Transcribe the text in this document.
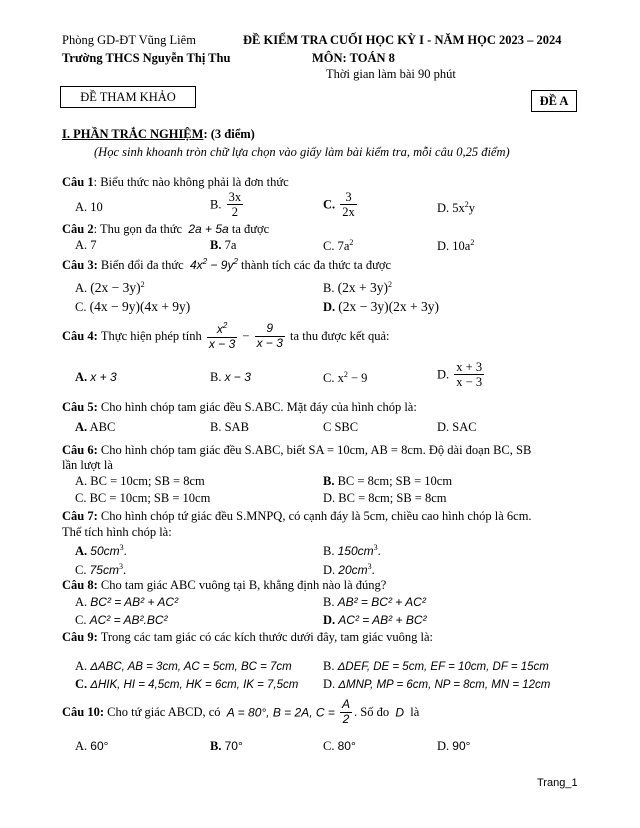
Phòng GD-ĐT Vũng Liêm
Trường THCS Nguyễn Thị Thu
ĐỀ KIỂM TRA CUỐI HỌC KỲ I - NĂM HỌC 2023 – 2024
MÔN: TOÁN 8
Thời gian làm bài 90 phút
ĐỀ THAM KHẢO	ĐỀ A
I. PHẦN TRẮC NGHIỆM: (3 điểm)
(Học sinh khoanh tròn chữ lựa chọn vào giấy làm bài kiểm tra, mỗi câu 0,25 điểm)
Câu 1: Biểu thức nào không phải là đơn thức
A. 10	B. $\frac{3x}{2}$	C. $\frac{3}{2x}$	D. $5x^2y$
Câu 2: Thu gọn đa thức 2a + 5a ta được
A. 7	B. 7a	C. $7a^2$	D. $10a^2$
Câu 3: Biến đổi đa thức $4x^2 - 9y^2$ thành tích các đa thức ta được
A. $(2x - 3y)^2$	B. $(2x + 3y)^2$
C. (4x − 9y)(4x + 9y)	D. (2x − 3y)(2x + 3y)
Câu 4: Thực hiện phép tính $\frac{x^2}{x - 3} - \frac{9}{x - 3}$ ta thu được kết quả:
A. x + 3	B. x − 3	C. $x^2 - 9$	D. $\frac{x + 3}{x - 3}$
Câu 5: Cho hình chóp tam giác đều S.ABC. Mặt đáy của hình chóp là:
A. ABC	B. SAB	C SBC	D. SAC
Câu 6: Cho hình chóp tam giác đều S.ABC, biết SA = 10cm, AB = 8cm. Độ dài đoạn BC, SB
lần lượt là
A. BC = 10cm; SB = 8cm	B. BC = 8cm; SB = 10cm
C. BC = 10cm; SB = 10cm	D. BC = 8cm; SB = 8cm
Câu 7: Cho hình chóp tứ giác đều S.MNPQ, có cạnh đáy là 5cm, chiều cao hình chóp là 6cm.
Thể tích hình chóp là:
A. $50cm^3$.	B. $150cm^3$.
C. $75cm^3$.	D. $20cm^3$.
Câu 8: Cho tam giác ABC vuông tại B, khẳng định nào là đúng?
A. BC² = AB² + AC²	B. AB² = BC² + AC²
C. AC² = AB².BC²	D. AC² = AB² + BC²
Câu 9: Trong các tam giác có các kích thước dưới đây, tam giác vuông là:
A. ΔABC, AB = 3cm, AC = 5cm, BC = 7cm	B. ΔDEF, DE = 5cm, EF = 10cm, DF = 15cm
C. ΔHIK, HI = 4,5cm, HK = 6cm, IK = 7,5cm D. ΔMNP, MP = 6cm, NP = 8cm, MN = 12cm
Câu 10: Cho tứ giác ABCD, có A = 80°, B = 2A, $C = \frac{A}{2}$ . Số đo D là
A. 60°	B. 70°	C. 80°	D. 90°
Trang_1
